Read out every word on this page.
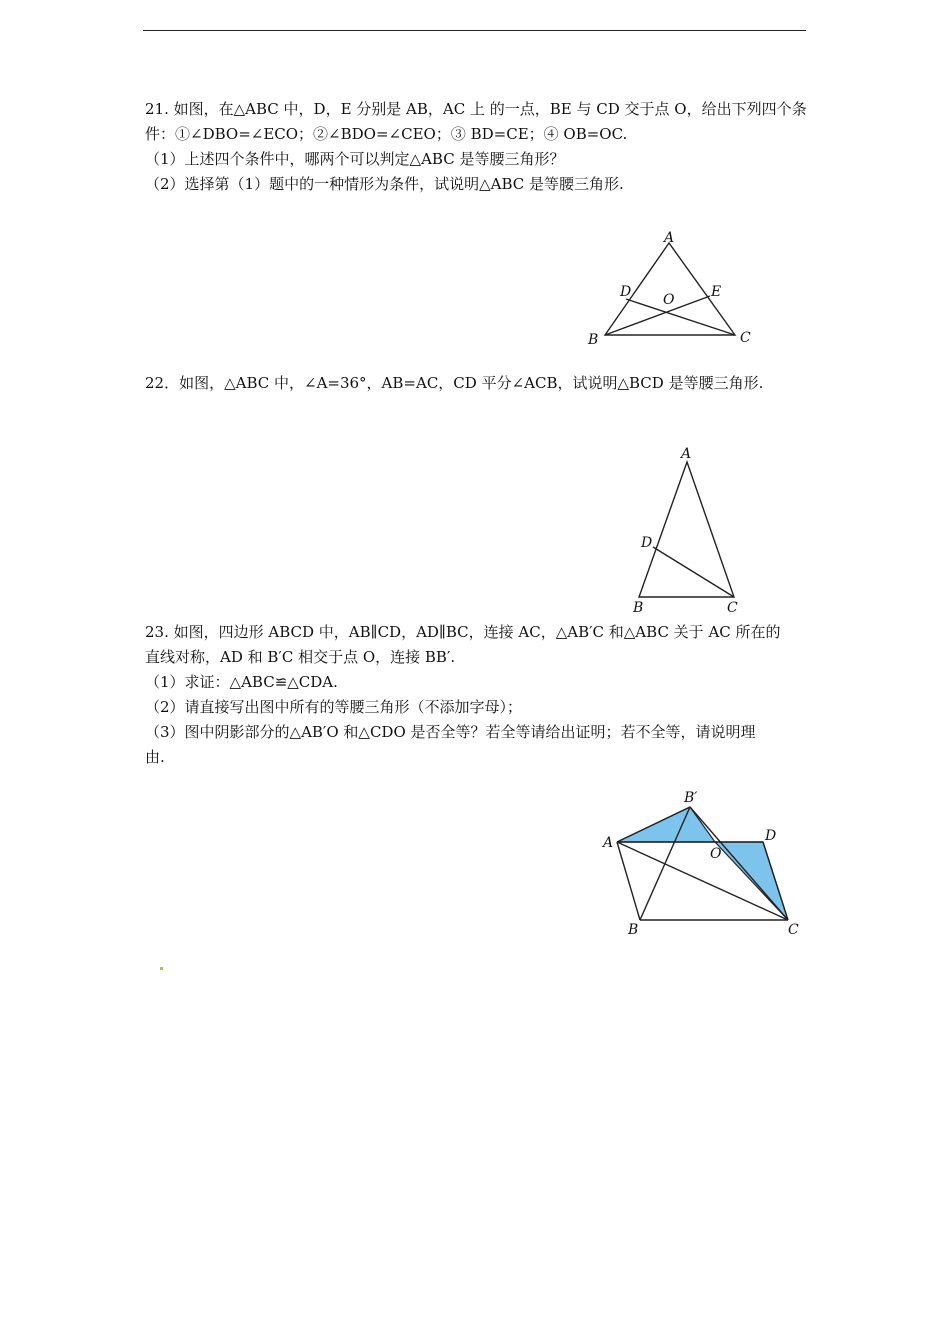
21. 如图，在△ABC 中，D，E 分别是 AB，AC 上 的一点，BE 与 CD 交于点 O，给出下列四个条
件：①∠DBO=∠ECO；②∠BDO=∠CEO；③ BD=CE；④ OB=OC.
（1）上述四个条件中，哪两个可以判定△ABC 是等腰三角形？
（2）选择第（1）题中的一种情形为条件，试说明△ABC 是等腰三角形.
A
B	C
D	E
O
22．如图，△ABC 中，∠A=36°，AB=AC，CD 平分∠ACB，试说明△BCD 是等腰三角形.
A
B	C
D
23. 如图，四边形 ABCD 中，AB∥CD，AD∥BC，连接 AC，△AB′C 和△ABC 关于 AC 所在的
直线对称，AD 和 B′C 相交于点 O，连接 BB′.
（1）求证：△ABC≌△CDA.
（2）请直接写出图中所有的等腰三角形（不添加字母）；
（3）图中阴影部分的△AB′O 和△CDO 是否全等？若全等请给出证明；若不全等，请说明理
由.
B′
A	D
O
B	C
